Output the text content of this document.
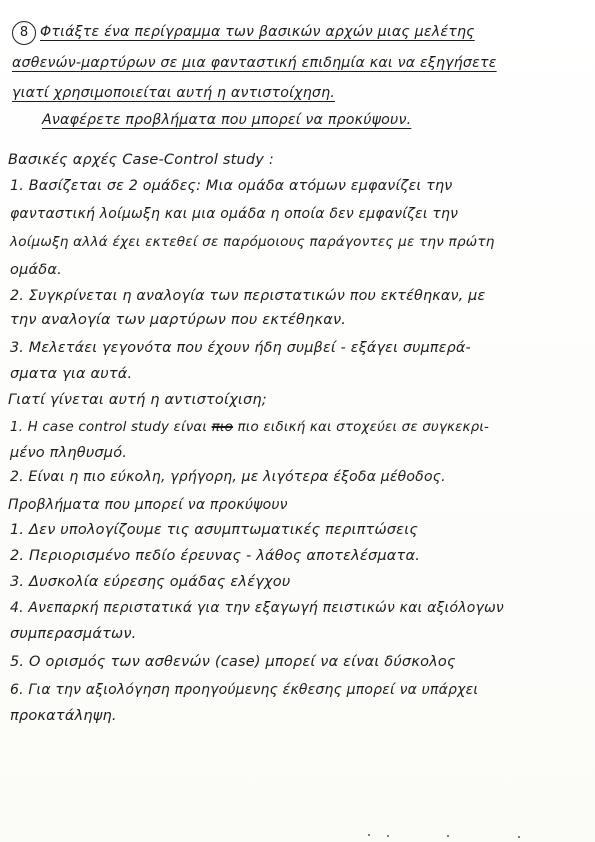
8 Φτιάξτε ένα περίγραμμα των βασικών αρχών μιας μελέτης
ασθενών-μαρτύρων σε μια φανταστική επιδημία και να εξηγήσετε
γιατί χρησιμοποιείται αυτή η αντιστοίχηση.
Αναφέρετε προβλήματα που μπορεί να προκύψουν.
Βασικές αρχές Case-Control study :
1. Βασίζεται σε 2 ομάδες: Μια ομάδα ατόμων εμφανίζει την
φανταστική λοίμωξη και μια ομάδα η οποία δεν εμφανίζει την
λοίμωξη αλλά έχει εκτεθεί σε παρόμοιους παράγοντες με την πρώτη
ομάδα.
2. Συγκρίνεται η αναλογία των περιστατικών που εκτέθηκαν, με
την αναλογία των μαρτύρων που εκτέθηκαν.
3. Μελετάει γεγονότα που έχουν ήδη συμβεί - εξάγει συμπερά-
σματα για αυτά.
Γιατί γίνεται αυτή η αντιστοίχιση;
1. Η case control study είναι πιο πιο ειδική και στοχεύει σε συγκεκρι-
μένο πληθυσμό.
2. Είναι η πιο εύκολη, γρήγορη, με λιγότερα έξοδα μέθοδος.
Προβλήματα που μπορεί να προκύψουν
1. Δεν υπολογίζουμε τις ασυμπτωματικές περιπτώσεις
2. Περιορισμένο πεδίο έρευνας - λάθος αποτελέσματα.
3. Δυσκολία εύρεσης ομάδας ελέγχου
4. Ανεπαρκή περιστατικά για την εξαγωγή πειστικών και αξιόλογων
συμπερασμάτων.
5. Ο ορισμός των ασθενών (case) μπορεί να είναι δύσκολος
6. Για την αξιολόγηση προηγούμενης έκθεσης μπορεί να υπάρχει
προκατάληψη.
